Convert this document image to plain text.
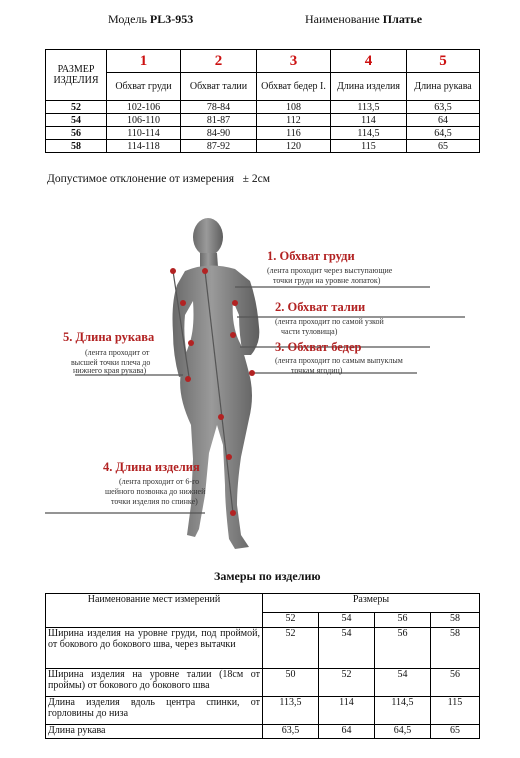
Модель PL3-953	Наименование Платье
РАЗМЕР ИЗДЕЛИЯ	1	2	3	4	5
	Обхват груди	Обхват талии	Обхват бедер I.	Длина изделия	Длина рукава
52	102-106	78-84	108	113,5	63,5
54	106-110	81-87	112	114	64
56	110-114	84-90	116	114,5	64,5
58	114-118	87-92	120	115	65
Допустимое отклонение от измерения   ± 2см
1. Обхват груди
(лента проходит через выступающие
точки груди на уровне лопаток)
2. Обхват талии
(лента проходит по самой узкой
части туловища)
3. Обхват бедер
(лента проходит по самым выпуклым
точкам ягодиц)
5. Длина рукава
(лента проходит от
высшей точки плеча до
нижнего края рукава)
4. Длина изделия
(лента проходит от 6-го
шейного позвонка до нижней
точки изделия по спинке)
Замеры по изделию
Наименование мест измерений	Размеры			
	52	54	56	58
Ширина изделия на уровне груди, под проймой, от бокового до бокового шва, через вытачки	52	54	56	58
Ширина изделия на уровне талии (18см от проймы) от бокового до бокового шва	50	52	54	56
Длина изделия вдоль центра спинки, от горловины до низа	113,5	114	114,5	115
Длина рукава	63,5	64	64,5	65
